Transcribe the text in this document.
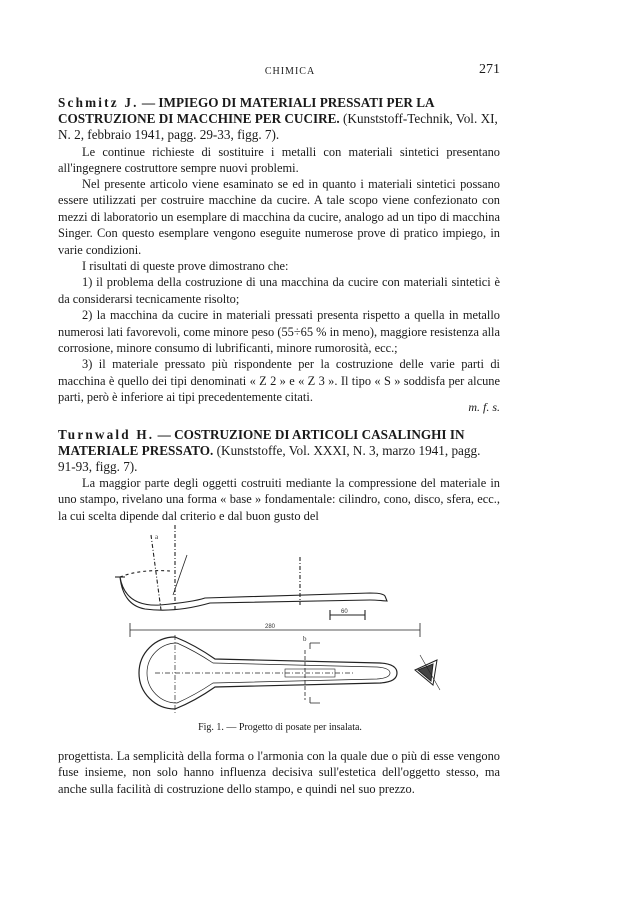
CHIMICA	271
Schmitz J. — IMPIEGO DI MATERIALI PRESSATI PER LA COSTRUZIONE DI MACCHINE PER CUCIRE. (Kunststoff-Technik, Vol. XI, N. 2, febbraio 1941, pagg. 29-33, figg. 7).
Le continue richieste di sostituire i metalli con materiali sintetici presentano all'ingegnere costruttore sempre nuovi problemi.
Nel presente articolo viene esaminato se ed in quanto i materiali sintetici possano essere utilizzati per costruire macchine da cucire. A tale scopo viene confezionato con mezzi di laboratorio un esemplare di macchina da cucire, analogo ad un tipo di macchina Singer. Con questo esemplare vengono eseguite numerose prove di pratico impiego, in varie condizioni.
I risultati di queste prove dimostrano che:
1) il problema della costruzione di una macchina da cucire con materiali sintetici è da considerarsi tecnicamente risolto;
2) la macchina da cucire in materiali pressati presenta rispetto a quella in metallo numerosi lati favorevoli, come minore peso (55÷65 % in meno), maggiore resistenza alla corrosione, minore consumo di lubrificanti, minore rumorosità, ecc.;
3) il materiale pressato più rispondente per la costruzione delle varie parti di macchina è quello dei tipi denominati « Z 2 » e « Z 3 ». Il tipo « S » soddisfa per alcune parti, però è inferiore ai tipi precedentemente citati.
m. f. s.
Turnwald H. — COSTRUZIONE DI ARTICOLI CASALINGHI IN MATERIALE PRESSATO. (Kunststoffe, Vol. XXXI, N. 3, marzo 1941, pagg. 91-93, figg. 7).
La maggior parte degli oggetti costruiti mediante la compressione del materiale in uno stampo, rivelano una forma « base » fondamentale: cilindro, cono, disco, sfera, ecc., la cui scelta dipende dal criterio e dal buon gusto del
60
280
a
b
Fig. 1. — Progetto di posate per insalata.
progettista. La semplicità della forma o l'armonia con la quale due o più di esse vengono fuse insieme, non solo hanno influenza decisiva sull'estetica dell'oggetto stesso, ma anche sulla facilità di costruzione dello stampo, e quindi nel suo prezzo.
